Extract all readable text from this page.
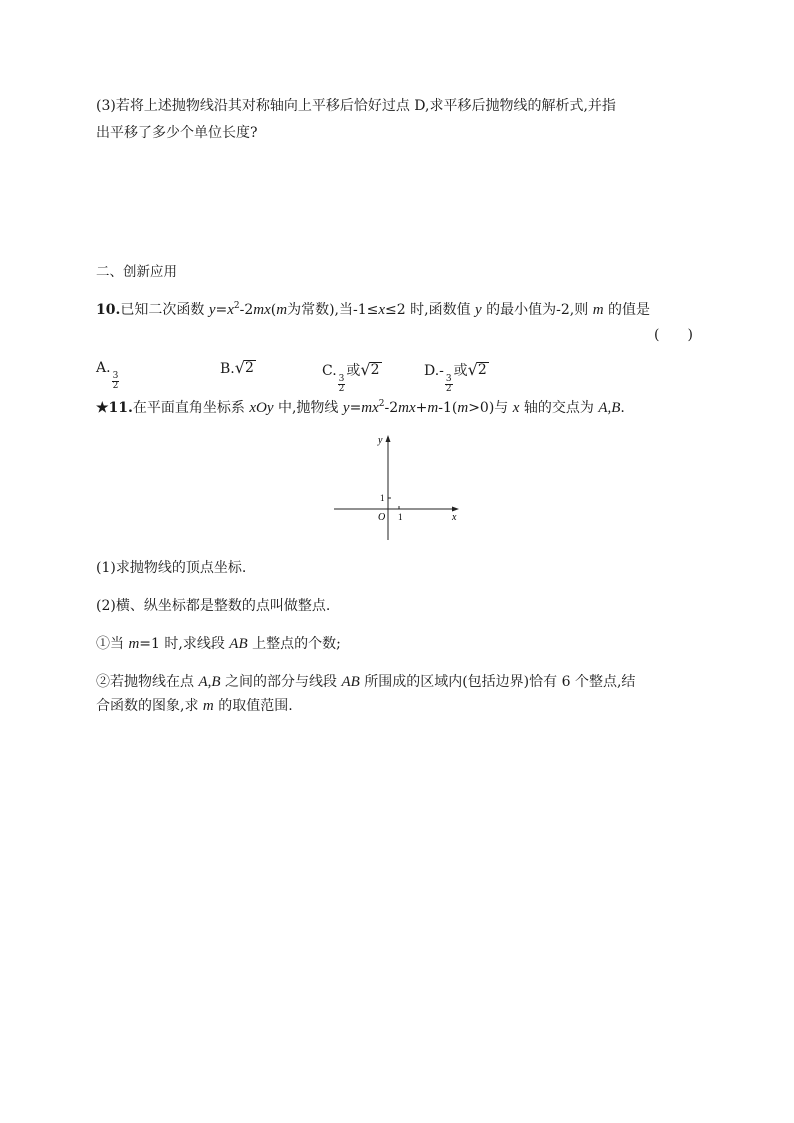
(3)若将上述抛物线沿其对称轴向上平移后恰好过点 D,求平移后抛物线的解析式,并指
出平移了多少个单位长度?
二、创新应用
10.已知二次函数 $y=x^2-2mx(m$为常数),当-1≤x≤2 时,函数值 y 的最小值为-2,则 m 的值是
(　　)
A.
$\frac{3}{2}$
B. √ 2	C.
$\frac{3}{2}$
或 √ 2	D.-
$\frac{3}{2}$
或 √ 2
★11.在平面直角坐标系 xOy 中,抛物线 $y=mx^2-2mx+m-1(m>0)$与 x 轴的交点为 A,B.
y
x
O
1
1
(1)求抛物线的顶点坐标.
(2)横、纵坐标都是整数的点叫做整点.
①当 m=1 时,求线段 AB 上整点的个数;
②若抛物线在点 A,B 之间的部分与线段 AB 所围成的区域内(包括边界)恰有 6 个整点,结
合函数的图象,求 m 的取值范围.
